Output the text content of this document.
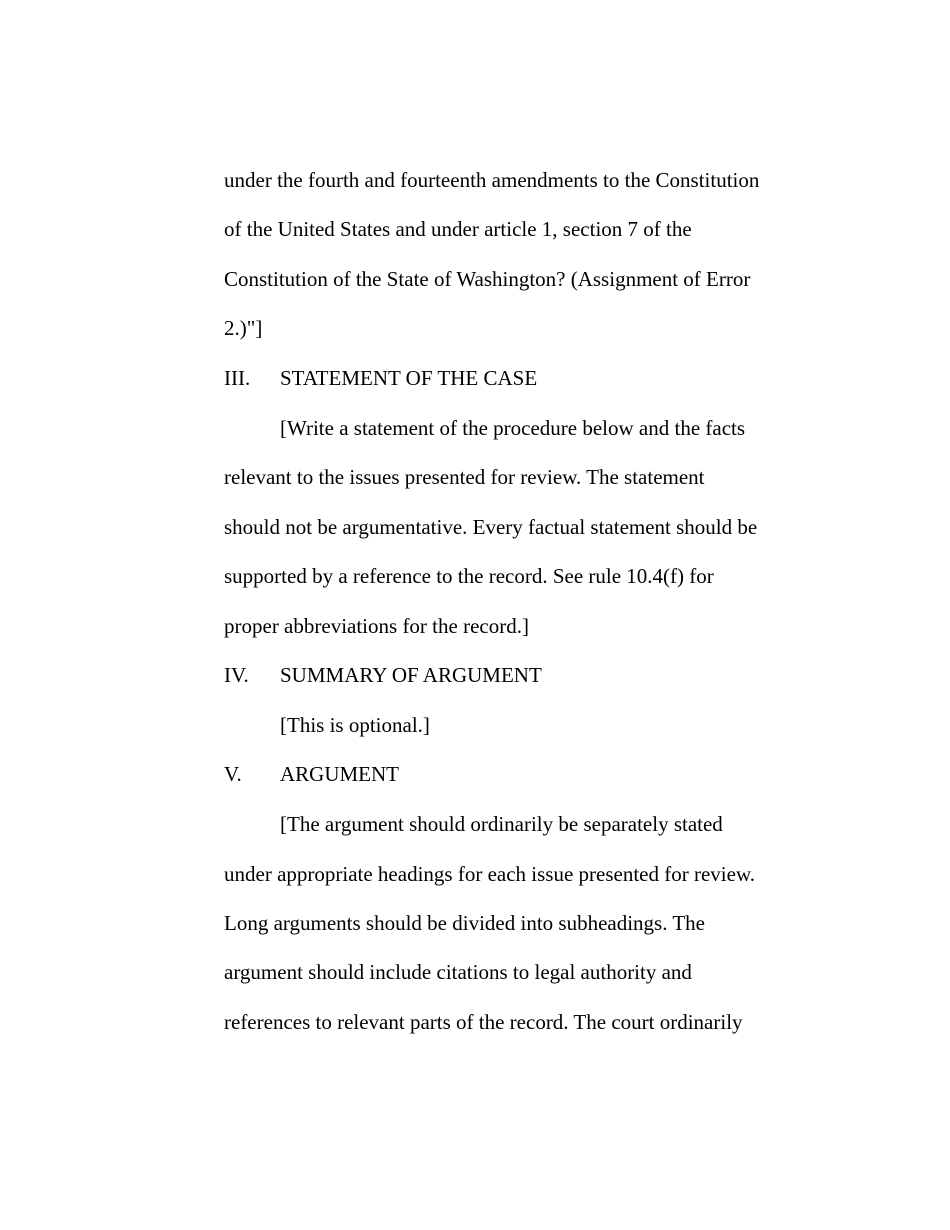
under the fourth and fourteenth amendments to the Constitution
of the United States and under article 1, section 7 of the
Constitution of the State of Washington? (Assignment of Error
2.)"]
III. STATEMENT OF THE CASE
[Write a statement of the procedure below and the facts
relevant to the issues presented for review. The statement
should not be argumentative. Every factual statement should be
supported by a reference to the record. See rule 10.4(f) for
proper abbreviations for the record.]
IV. SUMMARY OF ARGUMENT
[This is optional.]
V. ARGUMENT
[The argument should ordinarily be separately stated
under appropriate headings for each issue presented for review.
Long arguments should be divided into subheadings. The
argument should include citations to legal authority and
references to relevant parts of the record. The court ordinarily
